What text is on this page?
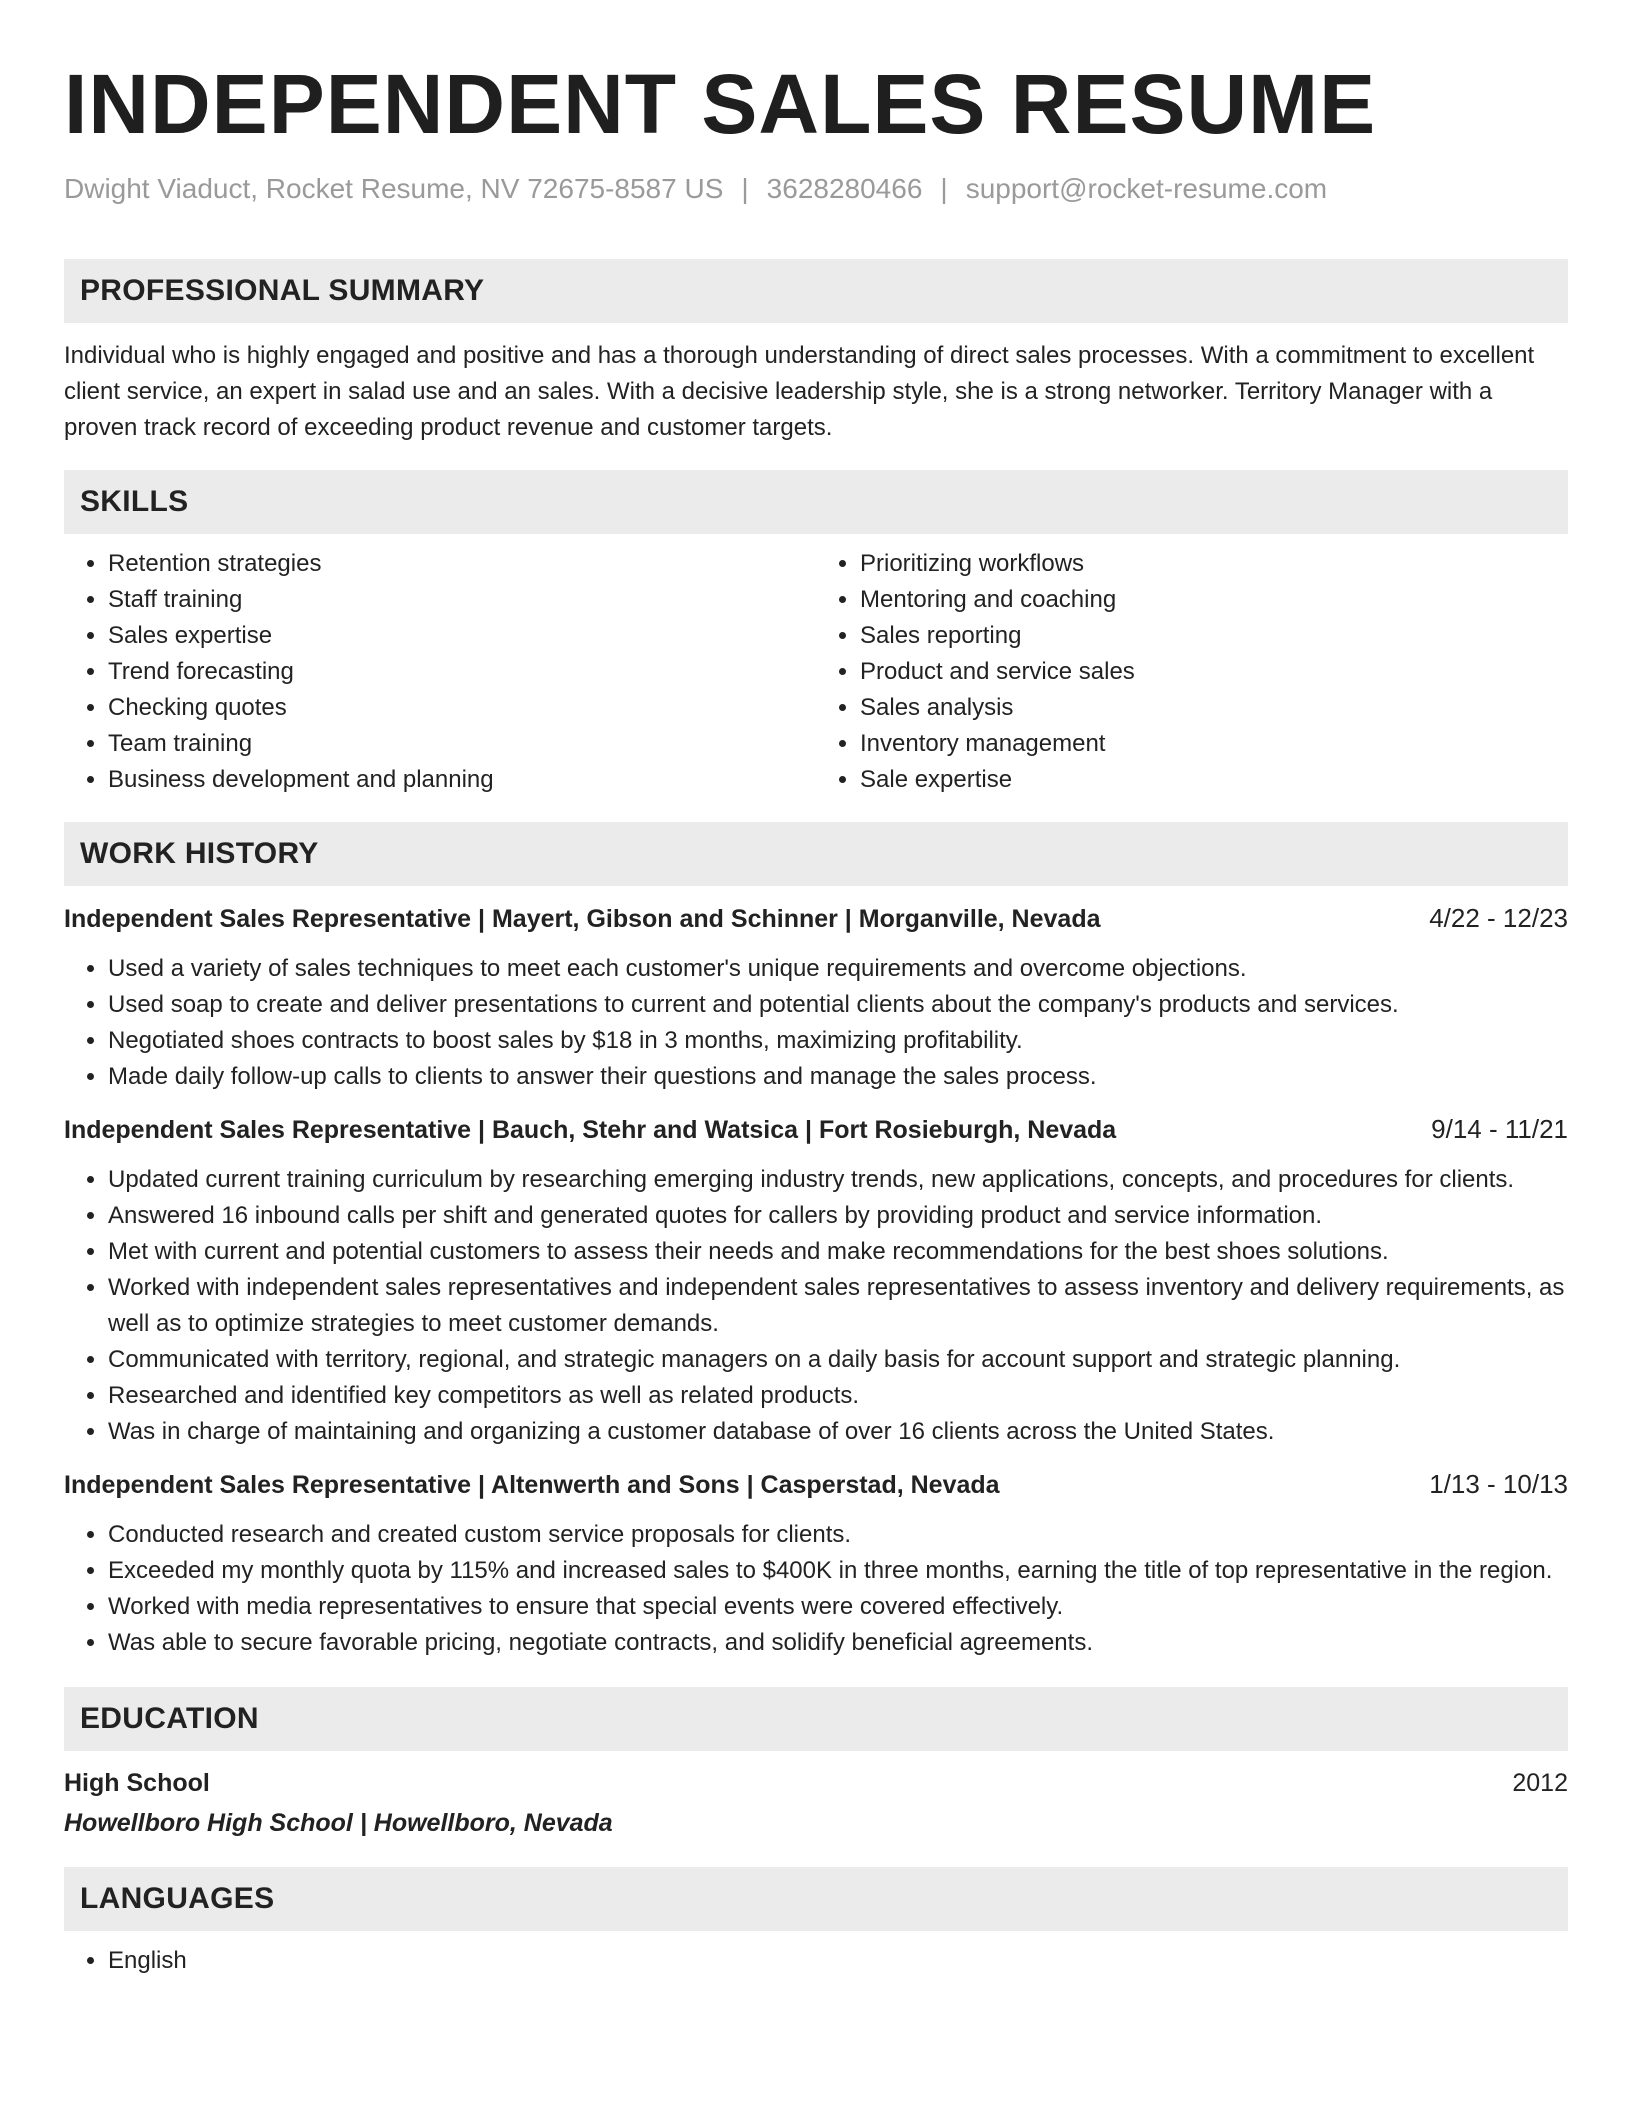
INDEPENDENT SALES RESUME
Dwight Viaduct, Rocket Resume, NV 72675-8587 US | 3628280466 | support@rocket-resume.com
PROFESSIONAL SUMMARY

Individual who is highly engaged and positive and has a thorough understanding of direct sales processes. With a commitment to excellent client service, an expert in salad use and an sales. With a decisive leadership style, she is a strong networker. Territory Manager with a proven track record of exceeding product revenue and customer targets.

SKILLS
• Retention strategies
• Staff training
• Sales expertise
• Trend forecasting
• Checking quotes
• Team training
• Business development and planning
• Prioritizing workflows
• Mentoring and coaching
• Sales reporting
• Product and service sales
• Sales analysis
• Inventory management
• Sale expertise
WORK HISTORY
Independent Sales Representative | Mayert, Gibson and Schinner | Morganville, Nevada	4/22 - 12/23
• Used a variety of sales techniques to meet each customer's unique requirements and overcome objections.
• Used soap to create and deliver presentations to current and potential clients about the company's products and services.
• Negotiated shoes contracts to boost sales by $18 in 3 months, maximizing profitability.
• Made daily follow-up calls to clients to answer their questions and manage the sales process.
Independent Sales Representative | Bauch, Stehr and Watsica | Fort Rosieburgh, Nevada	9/14 - 11/21
• Updated current training curriculum by researching emerging industry trends, new applications, concepts, and procedures for clients.
• Answered 16 inbound calls per shift and generated quotes for callers by providing product and service information.
• Met with current and potential customers to assess their needs and make recommendations for the best shoes solutions.
• Worked with independent sales representatives and independent sales representatives to assess inventory and delivery requirements, as well as to optimize strategies to meet customer demands.
• Communicated with territory, regional, and strategic managers on a daily basis for account support and strategic planning.
• Researched and identified key competitors as well as related products.
• Was in charge of maintaining and organizing a customer database of over 16 clients across the United States.
Independent Sales Representative | Altenwerth and Sons | Casperstad, Nevada	1/13 - 10/13
• Conducted research and created custom service proposals for clients.
• Exceeded my monthly quota by 115% and increased sales to $400K in three months, earning the title of top representative in the region.
• Worked with media representatives to ensure that special events were covered effectively.
• Was able to secure favorable pricing, negotiate contracts, and solidify beneficial agreements.
EDUCATION
High School	2012
Howellboro High School | Howellboro, Nevada
LANGUAGES
• English
